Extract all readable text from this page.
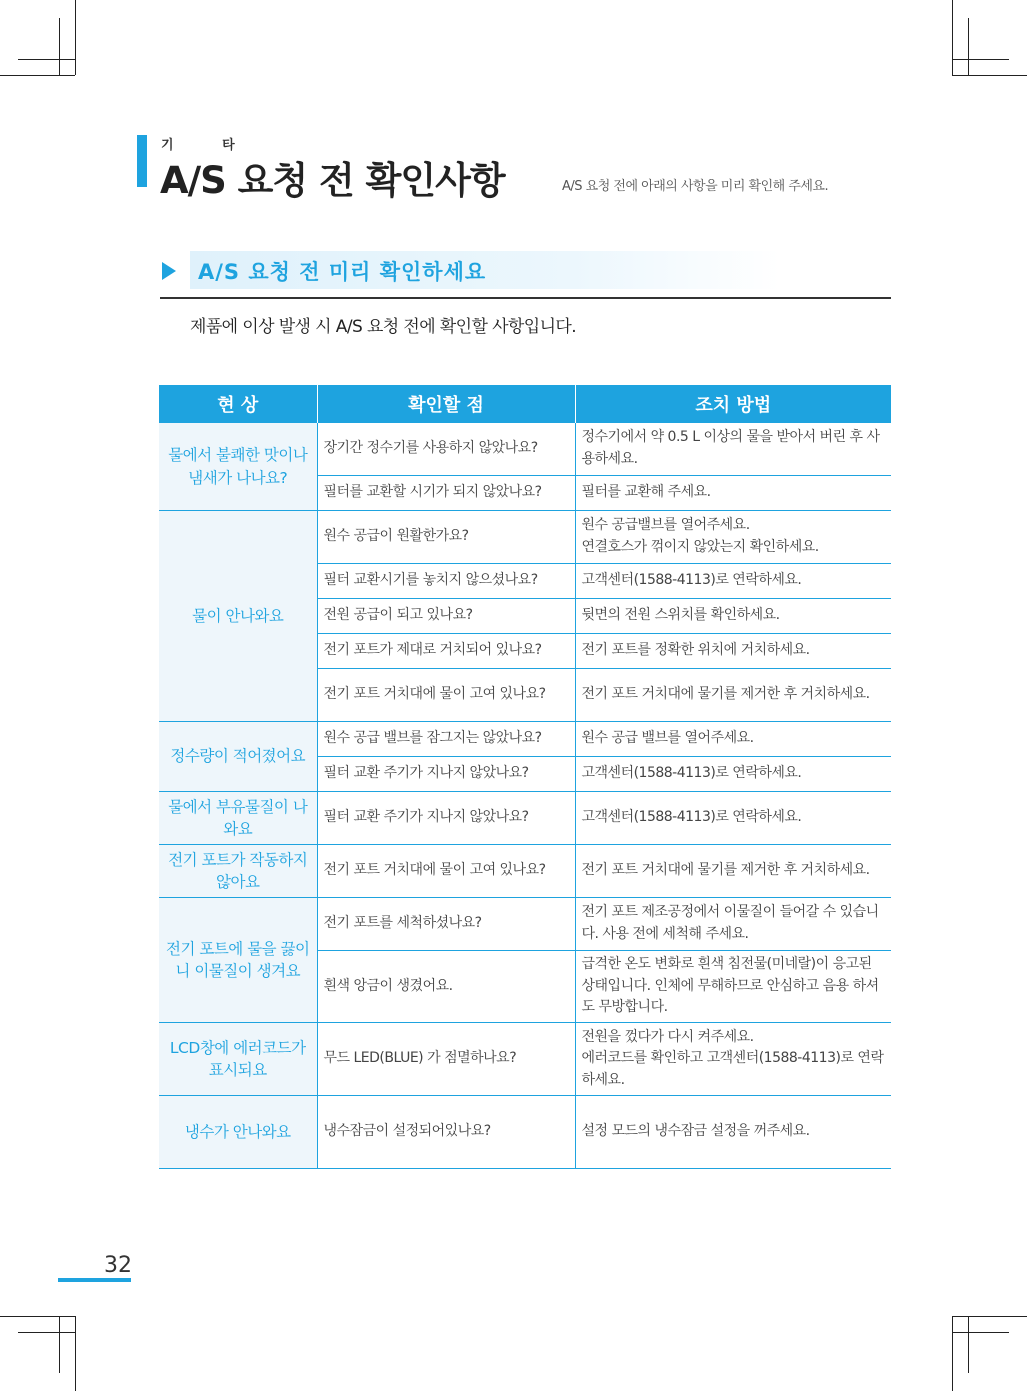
기 타
A/S 요청 전 확인사항	A/S 요청 전에 아래의 사항을 미리 확인해 주세요.
A/S 요청 전 미리 확인하세요
제품에 이상 발생 시 A/S 요청 전에 확인할 사항입니다.
현 상	확인할 점	조치 방법
물에서 불쾌한 맛이나 냄새가 나나요?	장기간 정수기를 사용하지 않았나요?	정수기에서 약 0.5 L 이상의 물을 받아서 버린 후 사용하세요.
	필터를 교환할 시기가 되지 않았나요?	필터를 교환해 주세요.
물이 안나와요	원수 공급이 원활한가요?	원수 공급밸브를 열어주세요.
연결호스가 꺾이지 않았는지 확인하세요.
	필터 교환시기를 놓치지 않으셨나요?	고객센터(1588-4113)로 연락하세요.
	전원 공급이 되고 있나요?	뒷면의 전원 스위치를 확인하세요.
	전기 포트가 제대로 거치되어 있나요?	전기 포트를 정확한 위치에 거치하세요.
	전기 포트 거치대에 물이 고여 있나요?	전기 포트 거치대에 물기를 제거한 후 거치하세요.
정수량이 적어졌어요	원수 공급 밸브를 잠그지는 않았나요?	원수 공급 밸브를 열어주세요.
	필터 교환 주기가 지나지 않았나요?	고객센터(1588-4113)로 연락하세요.
물에서 부유물질이 나와요	필터 교환 주기가 지나지 않았나요?	고객센터(1588-4113)로 연락하세요.
전기 포트가 작동하지 않아요	전기 포트 거치대에 물이 고여 있나요?	전기 포트 거치대에 물기를 제거한 후 거치하세요.
전기 포트에 물을 끓이니 이물질이 생겨요	전기 포트를 세척하셨나요?	전기 포트 제조공정에서 이물질이 들어갈 수 있습니다. 사용 전에 세척해 주세요.
	흰색 앙금이 생겼어요.	급격한 온도 변화로 흰색 침전물(미네랄)이 응고된 상태입니다. 인체에 무해하므로 안심하고 음용 하셔도 무방합니다.
LCD창에 에러코드가 표시되요	무드 LED(BLUE) 가 점멸하나요?	전원을 껐다가 다시 켜주세요.
에러코드를 확인하고 고객센터(1588-4113)로 연락하세요.
냉수가 안나와요	냉수잠금이 설정되어있나요?	설정 모드의 냉수잠금 설정을 꺼주세요.
32
